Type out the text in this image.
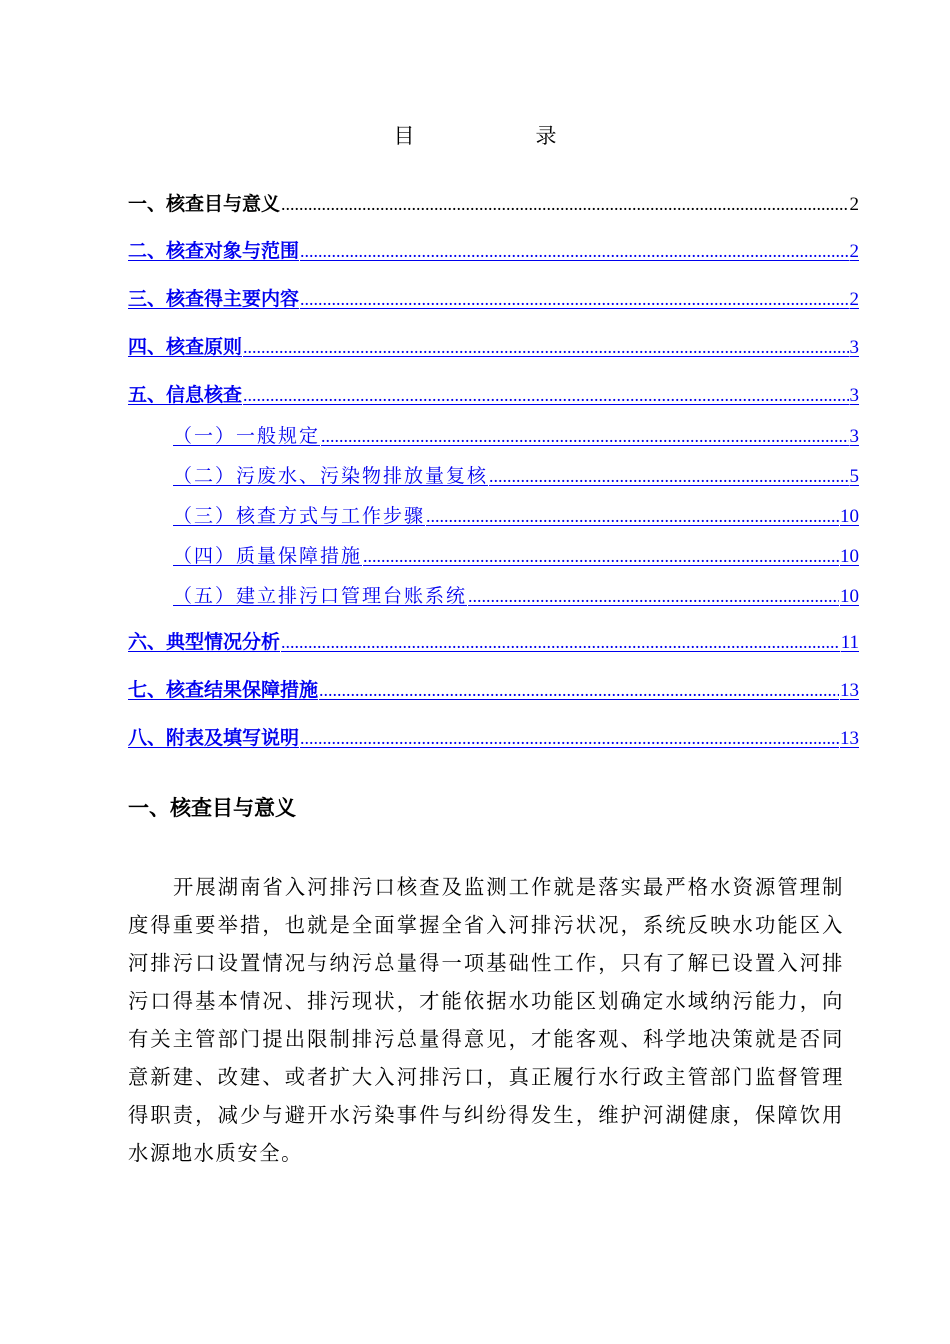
目　录
一、核查目与意义 .....	2
二、核查对象与范围 .....	2
三、核查得主要内容 .....	2
四、核查原则 .....	3
五、信息核查 .....	3
（一）一般规定 .....	3
（二）污废水、污染物排放量复核 .....	5
（三）核查方式与工作步骤 .....	10
（四）质量保障措施 .....	10
（五）建立排污口管理台账系统 .....	10
六、典型情况分析 .....	11
七、核查结果保障措施 .....	13
八、附表及填写说明 .....	13
一、核查目与意义

开展湖南省入河排污口核查及监测工作就是落实最严格水资源管理制度得重要举措，也就是全面掌握全省入河排污状况，系统反映水功能区入河排污口设置情况与纳污总量得一项基础性工作，只有了解已设置入河排污口得基本情况、排污现状，才能依据水功能区划确定水域纳污能力，向有关主管部门提出限制排污总量得意见，才能客观、科学地决策就是否同意新建、改建、或者扩大入河排污口，真正履行水行政主管部门监督管理得职责，减少与避开水污染事件与纠纷得发生，维护河湖健康，保障饮用水源地水质安全。
